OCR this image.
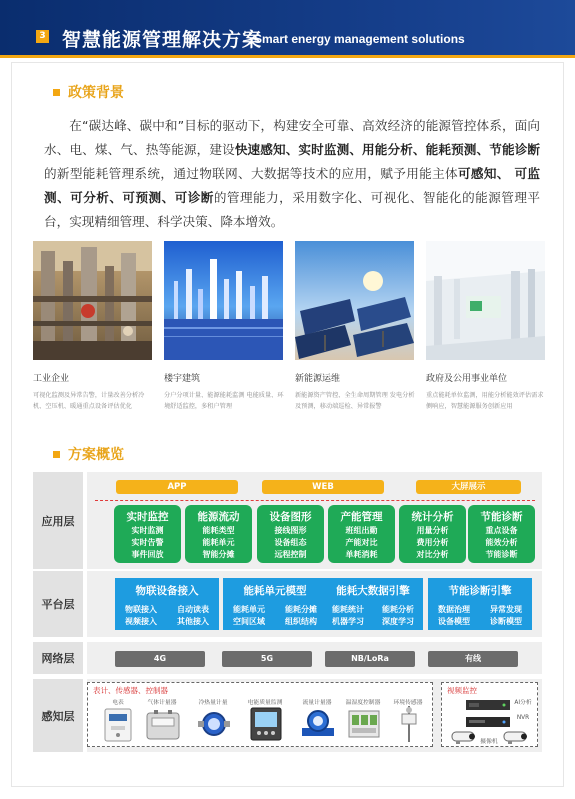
3 智慧能源管理解决方案
Smart energy management solutions
政策背景

  在“碳达峰、碳中和”目标的驱动下，构建安全可靠、高效经济的能源管控体系，面向水、电、煤、气、热等能源，建设快速感知、实时监测、用能分析、能耗预测、节能诊断的新型能耗管理系统，通过物联网、大数据等技术的应用，赋予用能主体可感知、 可监测、可分析、可预测、可诊断的管理能力，采用数字化、可视化、智能化的能源管理平台，实现精细管理、科学决策、降本增效。

工业企业	楼宇建筑	新能源运维	政府及公用事业单位
可视化监测及异常告警，计量改善分析冷机、空压机、暖通重点设备评估优化
分户分项计量、能源能耗监测 电能质量、环境舒适监控，多租户管理
新能源资产管控、全生命周期管理 发电分析及预测，移动端巡检、异常报警
重点能耗单位监测，用能分析能效评估需求侧响应，智慧能源服务创新应用
方案概览
应用层
APP	WEB	大屏展示
实时监控
实时监测
实时告警
事件回放
能源流动
能耗类型
能耗单元
智能分摊
设备图形
接线图形
设备组态
远程控制
产能管理
班组出勤
产能对比
单耗消耗
统计分析
用量分析
费用分析
对比分析
节能诊断
重点设备
能效分析
节能诊断
平台层
物联设备接入
物联接入	自动读表
视频接入	其他接入
能耗单元模型
能耗单元	能耗分摊
空间区域	组织结构
能耗大数据引擎
能耗统计 能耗分析
机器学习 深度学习
节能诊断引擎
数据治理	异常发现
设备模型	诊断模型
网络层	4G	5G	NB/LoRa	有线
感知层
表计、传感器、控制器
电表	气体计量器	冷热量计量	电能质量监测	流量计量器	温湿度控制器	环境传感器
视频监控
AI分析
NVR
摄像机
